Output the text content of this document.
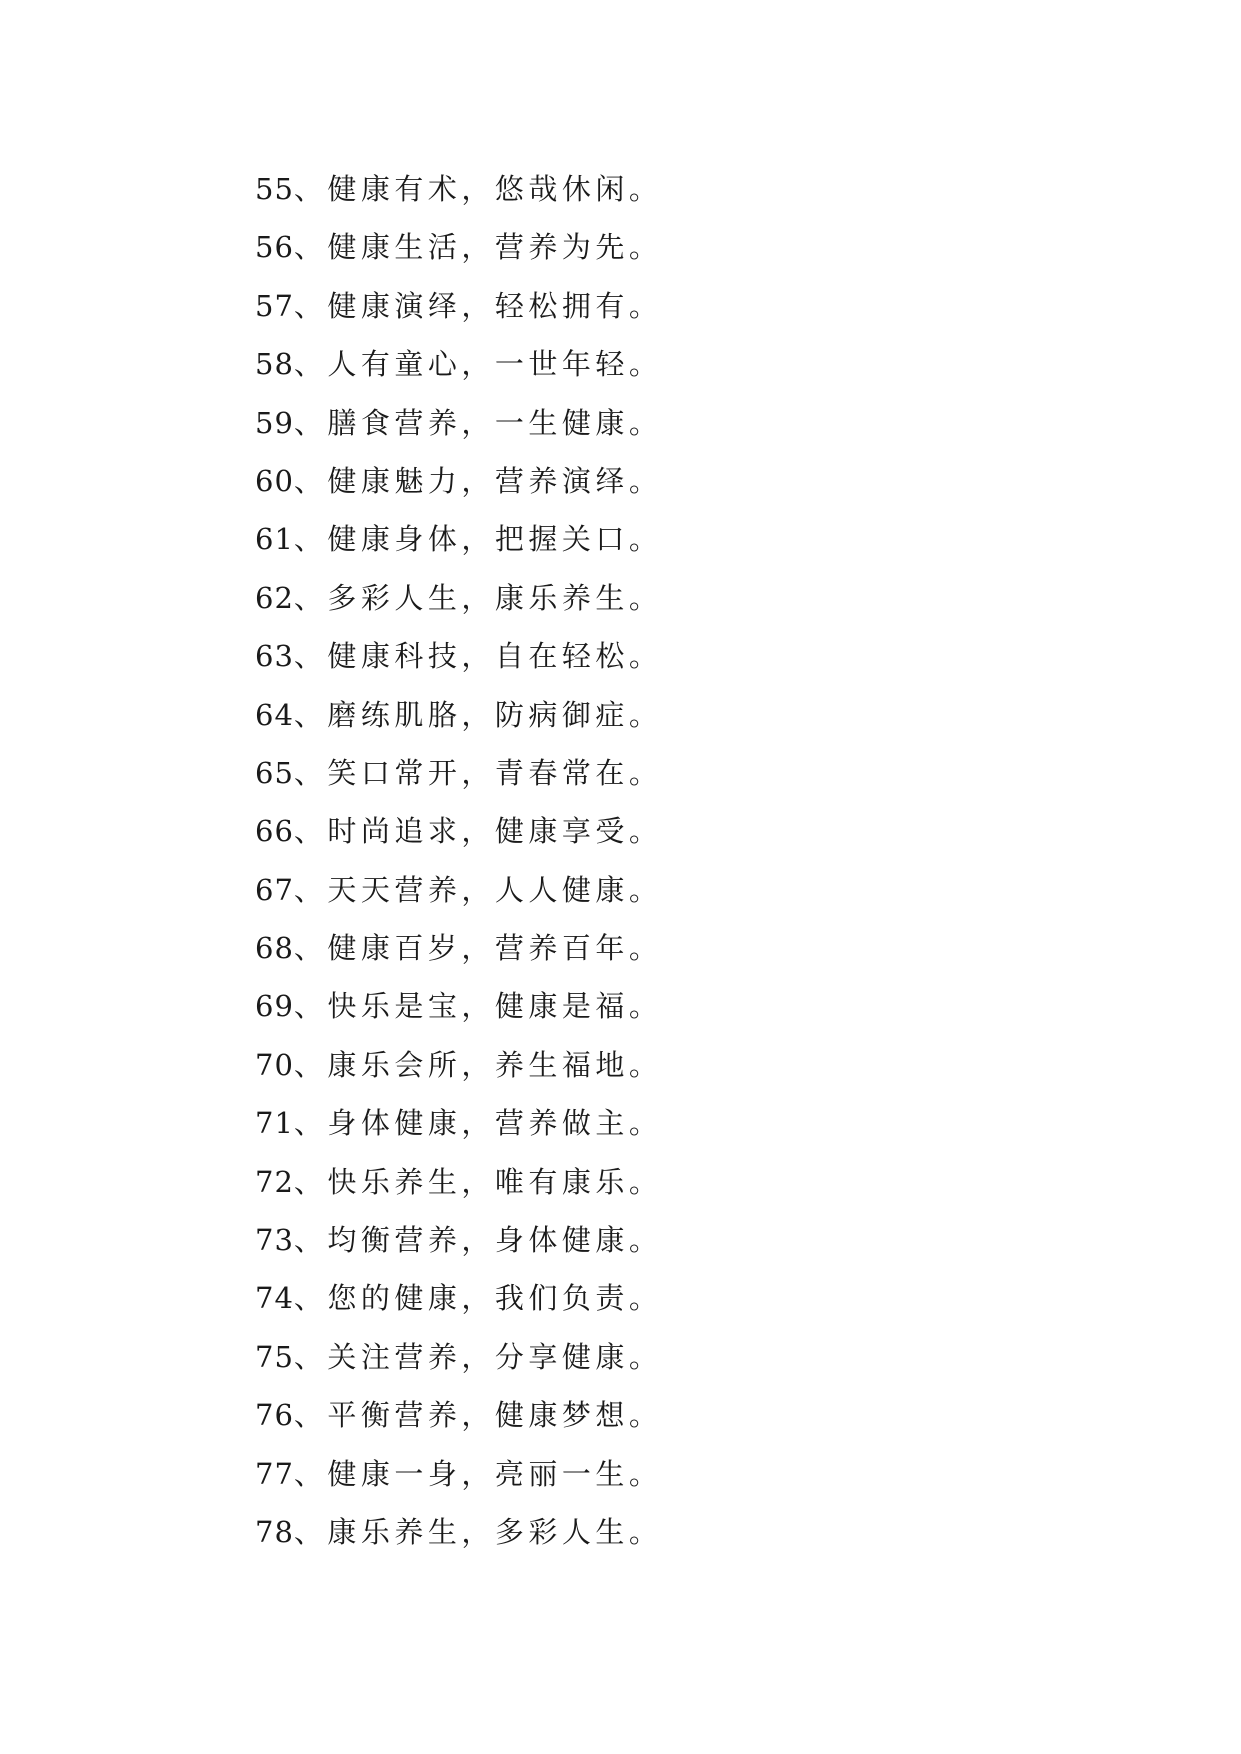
55、健康有术，悠哉休闲。
56、健康生活，营养为先。
57、健康演绎，轻松拥有。
58、人有童心，一世年轻。
59、膳食营养，一生健康。
60、健康魅力，营养演绎。
61、健康身体，把握关口。
62、多彩人生，康乐养生。
63、健康科技，自在轻松。
64、磨练肌胳，防病御症。
65、笑口常开，青春常在。
66、时尚追求，健康享受。
67、天天营养，人人健康。
68、健康百岁，营养百年。
69、快乐是宝，健康是福。
70、康乐会所，养生福地。
71、身体健康，营养做主。
72、快乐养生，唯有康乐。
73、均衡营养，身体健康。
74、您的健康，我们负责。
75、关注营养，分享健康。
76、平衡营养，健康梦想。
77、健康一身，亮丽一生。
78、康乐养生，多彩人生。
